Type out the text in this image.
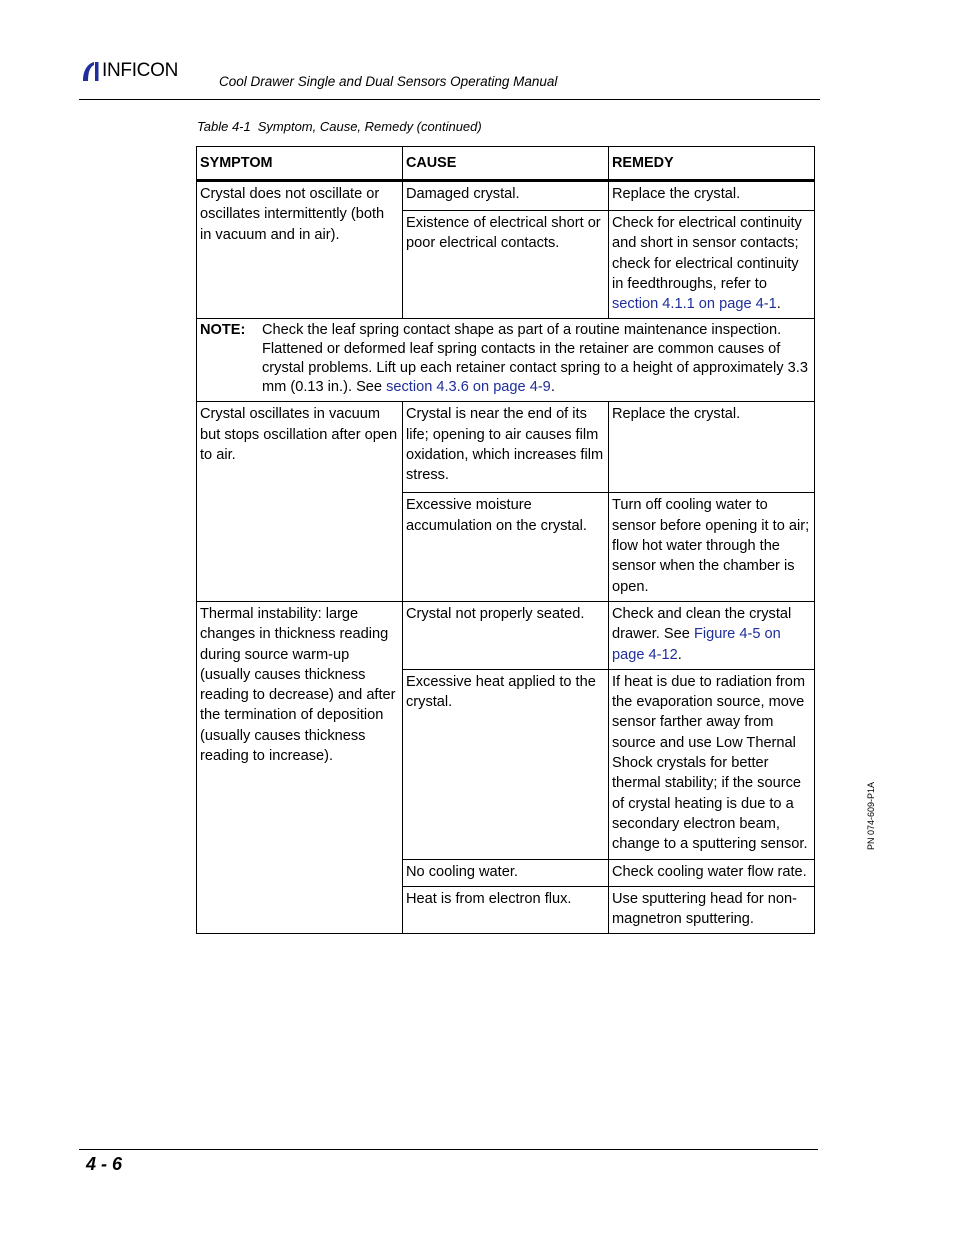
INFICON
Cool Drawer Single and Dual Sensors Operating Manual
Table 4-1 Symptom, Cause, Remedy (continued)
SYMPTOM	CAUSE	REMEDY
Crystal does not oscillate or oscillates intermittently (both in vacuum and in air).	Damaged crystal.	Replace the crystal.
	Existence of electrical short or poor electrical contacts.	Check for electrical continuity and short in sensor contacts; check for electrical continuity in feedthroughs, refer to section 4.1.1 on page 4-1.

NOTE: Check the leaf spring contact shape as part of a routine maintenance inspection. Flattened or deformed leaf spring contacts in the retainer are common causes of crystal problems. Lift up each retainer contact spring to a height of approximately 3.3 mm (0.13 in.). See section 4.3.6 on page 4-9.		

Crystal oscillates in vacuum but stops oscillation after open to air.	Crystal is near the end of its life; opening to air causes film oxidation, which increases film stress.	Replace the crystal.
	Excessive moisture accumulation on the crystal.	Turn off cooling water to sensor before opening it to air; flow hot water through the sensor when the chamber is open.
Thermal instability: large changes in thickness reading during source warm-up (usually causes thickness reading to decrease) and after the termination of deposition (usually causes thickness reading to increase).	Crystal not properly seated.	Check and clean the crystal drawer. See Figure 4-5 on page 4-12.
	Excessive heat applied to the crystal.	If heat is due to radiation from the evaporation source, move sensor farther away from source and use Low Thernal Shock crystals for better thermal stability; if the source of crystal heating is due to a secondary electron beam, change to a sputtering sensor.
	No cooling water.	Check cooling water flow rate.
	Heat is from electron flux.	Use sputtering head for non-magnetron sputtering.
PN 074-609-P1A
4 - 6
